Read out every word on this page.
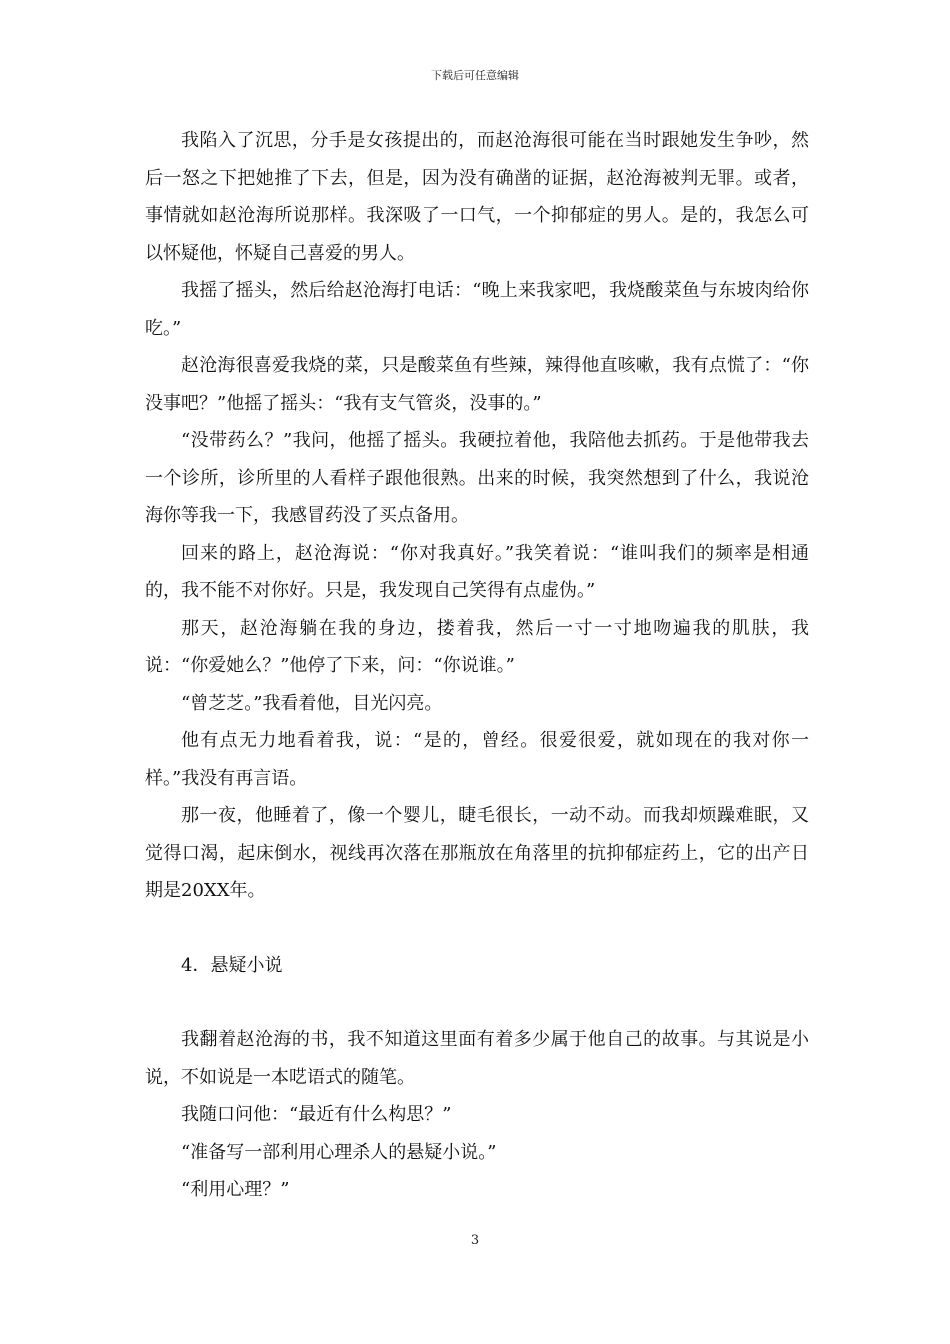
下载后可任意编辑

我陷入了沉思，分手是女孩提出的，而赵沧海很可能在当时跟她发生争吵，然后一怒之下把她推了下去，但是，因为没有确凿的证据，赵沧海被判无罪。或者，事情就如赵沧海所说那样。我深吸了一口气，一个抑郁症的男人。是的，我怎么可以怀疑他，怀疑自己喜爱的男人。

我摇了摇头，然后给赵沧海打电话：“晚上来我家吧，我烧酸菜鱼与东坡肉给你吃。”

赵沧海很喜爱我烧的菜，只是酸菜鱼有些辣，辣得他直咳嗽，我有点慌了：“你没事吧？”他摇了摇头：“我有支气管炎，没事的。”

“没带药么？”我问，他摇了摇头。我硬拉着他，我陪他去抓药。于是他带我去一个诊所，诊所里的人看样子跟他很熟。出来的时候，我突然想到了什么，我说沧海你等我一下，我感冒药没了买点备用。

回来的路上，赵沧海说：“你对我真好。”我笑着说：“谁叫我们的频率是相通的，我不能不对你好。只是，我发现自己笑得有点虚伪。”

那天，赵沧海躺在我的身边，搂着我，然后一寸一寸地吻遍我的肌肤，我说：“你爱她么？”他停了下来，问：“你说谁。”

“曾芝芝。”我看着他，目光闪亮。

他有点无力地看着我，说：“是的，曾经。很爱很爱，就如现在的我对你一样。”我没有再言语。

那一夜，他睡着了，像一个婴儿，睫毛很长，一动不动。而我却烦躁难眠，又觉得口渴，起床倒水，视线再次落在那瓶放在角落里的抗抑郁症药上，它的出产日期是20XX年。

4．悬疑小说

我翻着赵沧海的书，我不知道这里面有着多少属于他自己的故事。与其说是小说，不如说是一本呓语式的随笔。

我随口问他：“最近有什么构思？”

“准备写一部利用心理杀人的悬疑小说。”

“利用心理？”

3
